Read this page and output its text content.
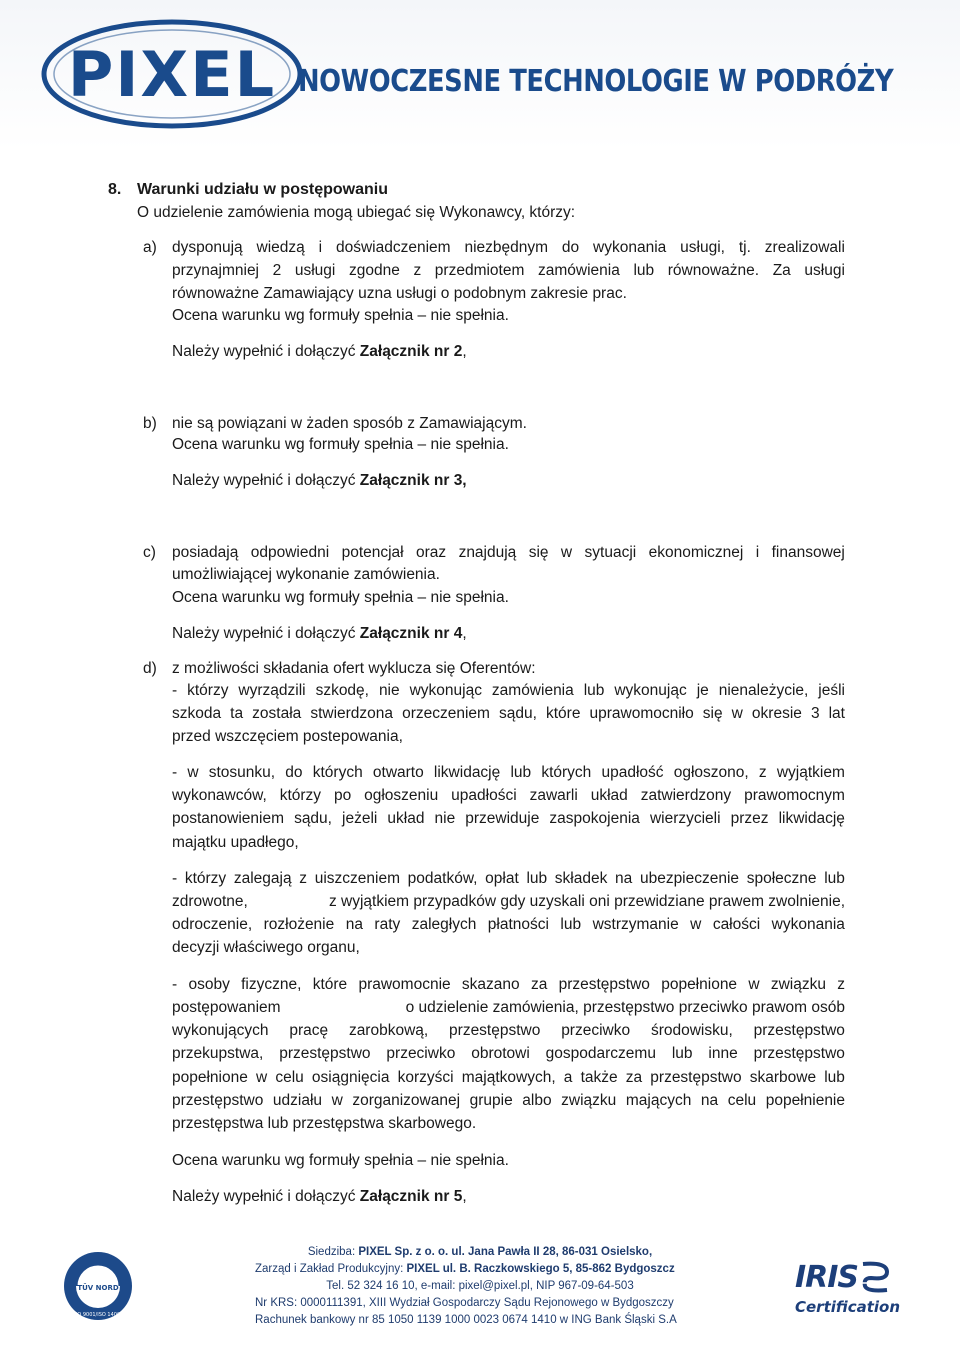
PIXEL NOWOCZESNE TECHNOLOGIE W PODRÓŻY
8. Warunki udziału w postępowaniu
O udzielenie zamówienia mogą ubiegać się Wykonawcy, którzy:
a) dysponują wiedzą i doświadczeniem niezbędnym do wykonania usługi, tj. zrealizowali
przynajmniej 2 usługi zgodne z przedmiotem zamówienia lub równoważne. Za usługi
równoważne Zamawiający uzna usługi o podobnym zakresie prac.
Ocena warunku wg formuły spełnia – nie spełnia.
Należy wypełnić i dołączyć Załącznik nr 2,
b) nie są powiązani w żaden sposób z Zamawiającym.
Ocena warunku wg formuły spełnia – nie spełnia.
Należy wypełnić i dołączyć Załącznik nr 3,
c) posiadają odpowiedni potencjał oraz znajdują się w sytuacji ekonomicznej i finansowej
umożliwiającej wykonanie zamówienia.
Ocena warunku wg formuły spełnia – nie spełnia.
Należy wypełnić i dołączyć Załącznik nr 4,
d) z możliwości składania ofert wyklucza się Oferentów:
- którzy wyrządzili szkodę, nie wykonując zamówienia lub wykonując je nienależycie, jeśli
szkoda ta została stwierdzona orzeczeniem sądu, które uprawomocniło się w okresie 3 lat
przed wszczęciem postepowania,
- w stosunku, do których otwarto likwidację lub których upadłość ogłoszono, z wyjątkiem
wykonawców, którzy po ogłoszeniu upadłości zawarli układ zatwierdzony prawomocnym
postanowieniem sądu, jeżeli układ nie przewiduje zaspokojenia wierzycieli przez likwidację
majątku upadłego,
- którzy zalegają z uiszczeniem podatków, opłat lub składek na ubezpieczenie społeczne lub
zdrowotne,	z wyjątkiem przypadków gdy uzyskali oni przewidziane prawem zwolnienie,
odroczenie, rozłożenie na raty zaległych płatności lub wstrzymanie w całości wykonania
decyzji właściwego organu,
- osoby fizyczne, które prawomocnie skazano za przestępstwo popełnione w związku z
postępowaniem	o udzielenie zamówienia, przestępstwo przeciwko prawom osób
wykonujących pracę zarobkową, przestępstwo przeciwko środowisku, przestępstwo
przekupstwa, przestępstwo przeciwko obrotowi gospodarczemu lub inne przestępstwo
popełnione w celu osiągnięcia korzyści majątkowych, a także za przestępstwo skarbowe lub
przestępstwo udziału w zorganizowanej grupie albo związku mających na celu popełnienie
przestępstwa lub przestępstwa skarbowego.
Ocena warunku wg formuły spełnia – nie spełnia.
Należy wypełnić i dołączyć Załącznik nr 5,
TÜV NORD
ISO 9001/ISO 14001
Siedziba: PIXEL Sp. z o. o. ul. Jana Pawła II 28, 86-031 Osielsko,
Zarząd i Zakład Produkcyjny: PIXEL ul. B. Raczkowskiego 5, 85-862 Bydgoszcz
Tel. 52 324 16 10, e-mail: pixel@pixel.pl, NIP 967-09-64-503
Nr KRS: 0000111391, XIII Wydział Gospodarczy Sądu Rejonowego w Bydgoszczy
Rachunek bankowy nr 85 1050 1139 1000 0023 0674 1410 w ING Bank Śląski S.A
IRIS
Certification
